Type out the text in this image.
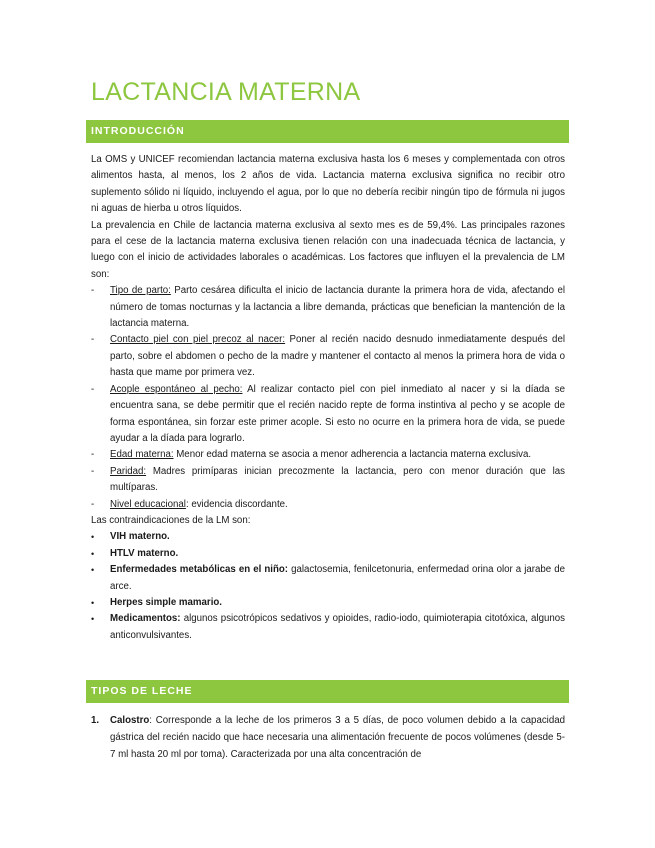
LACTANCIA MATERNA
INTRODUCCIÓN

La OMS y UNICEF recomiendan lactancia materna exclusiva hasta los 6 meses y complementada con otros alimentos hasta, al menos, los 2 años de vida. Lactancia materna exclusiva significa no recibir otro suplemento sólido ni líquido, incluyendo el agua, por lo que no debería recibir ningún tipo de fórmula ni jugos ni aguas de hierba u otros líquidos.

La prevalencia en Chile de lactancia materna exclusiva al sexto mes es de 59,4%. Las principales razones para el cese de la lactancia materna exclusiva tienen relación con una inadecuada técnica de lactancia, y luego con el inicio de actividades laborales o académicas. Los factores que influyen el la prevalencia de LM son:

- Tipo de parto: Parto cesárea dificulta el inicio de lactancia durante la primera hora de vida, afectando el número de tomas nocturnas y la lactancia a libre demanda, prácticas que benefician la mantención de la lactancia materna.
- Contacto piel con piel precoz al nacer: Poner al recién nacido desnudo inmediatamente después del parto, sobre el abdomen o pecho de la madre y mantener el contacto al menos la primera hora de vida o hasta que mame por primera vez.
- Acople espontáneo al pecho: Al realizar contacto piel con piel inmediato al nacer y si la díada se encuentra sana, se debe permitir que el recién nacido repte de forma instintiva al pecho y se acople de forma espontánea, sin forzar este primer acople. Si esto no ocurre en la primera hora de vida, se puede ayudar a la díada para lograrlo.
- Edad materna: Menor edad materna se asocia a menor adherencia a lactancia materna exclusiva.
- Paridad: Madres primíparas inician precozmente la lactancia, pero con menor duración que las multíparas.
- Nivel educacional: evidencia discordante.

Las contraindicaciones de la LM son:

• VIH materno.
• HTLV materno.
• Enfermedades metabólicas en el niño: galactosemia, fenilcetonuria, enfermedad orina olor a jarabe de arce.
• Herpes simple mamario.
• Medicamentos: algunos psicotrópicos sedativos y opioides, radio-iodo, quimioterapia citotóxica, algunos anticonvulsivantes.
TIPOS DE LECHE
1. Calostro: Corresponde a la leche de los primeros 3 a 5 días, de poco volumen debido a la capacidad gástrica del recién nacido que hace necesaria una alimentación frecuente de pocos volúmenes (desde 5-7 ml hasta 20 ml por toma). Caracterizada por una alta concentración de
